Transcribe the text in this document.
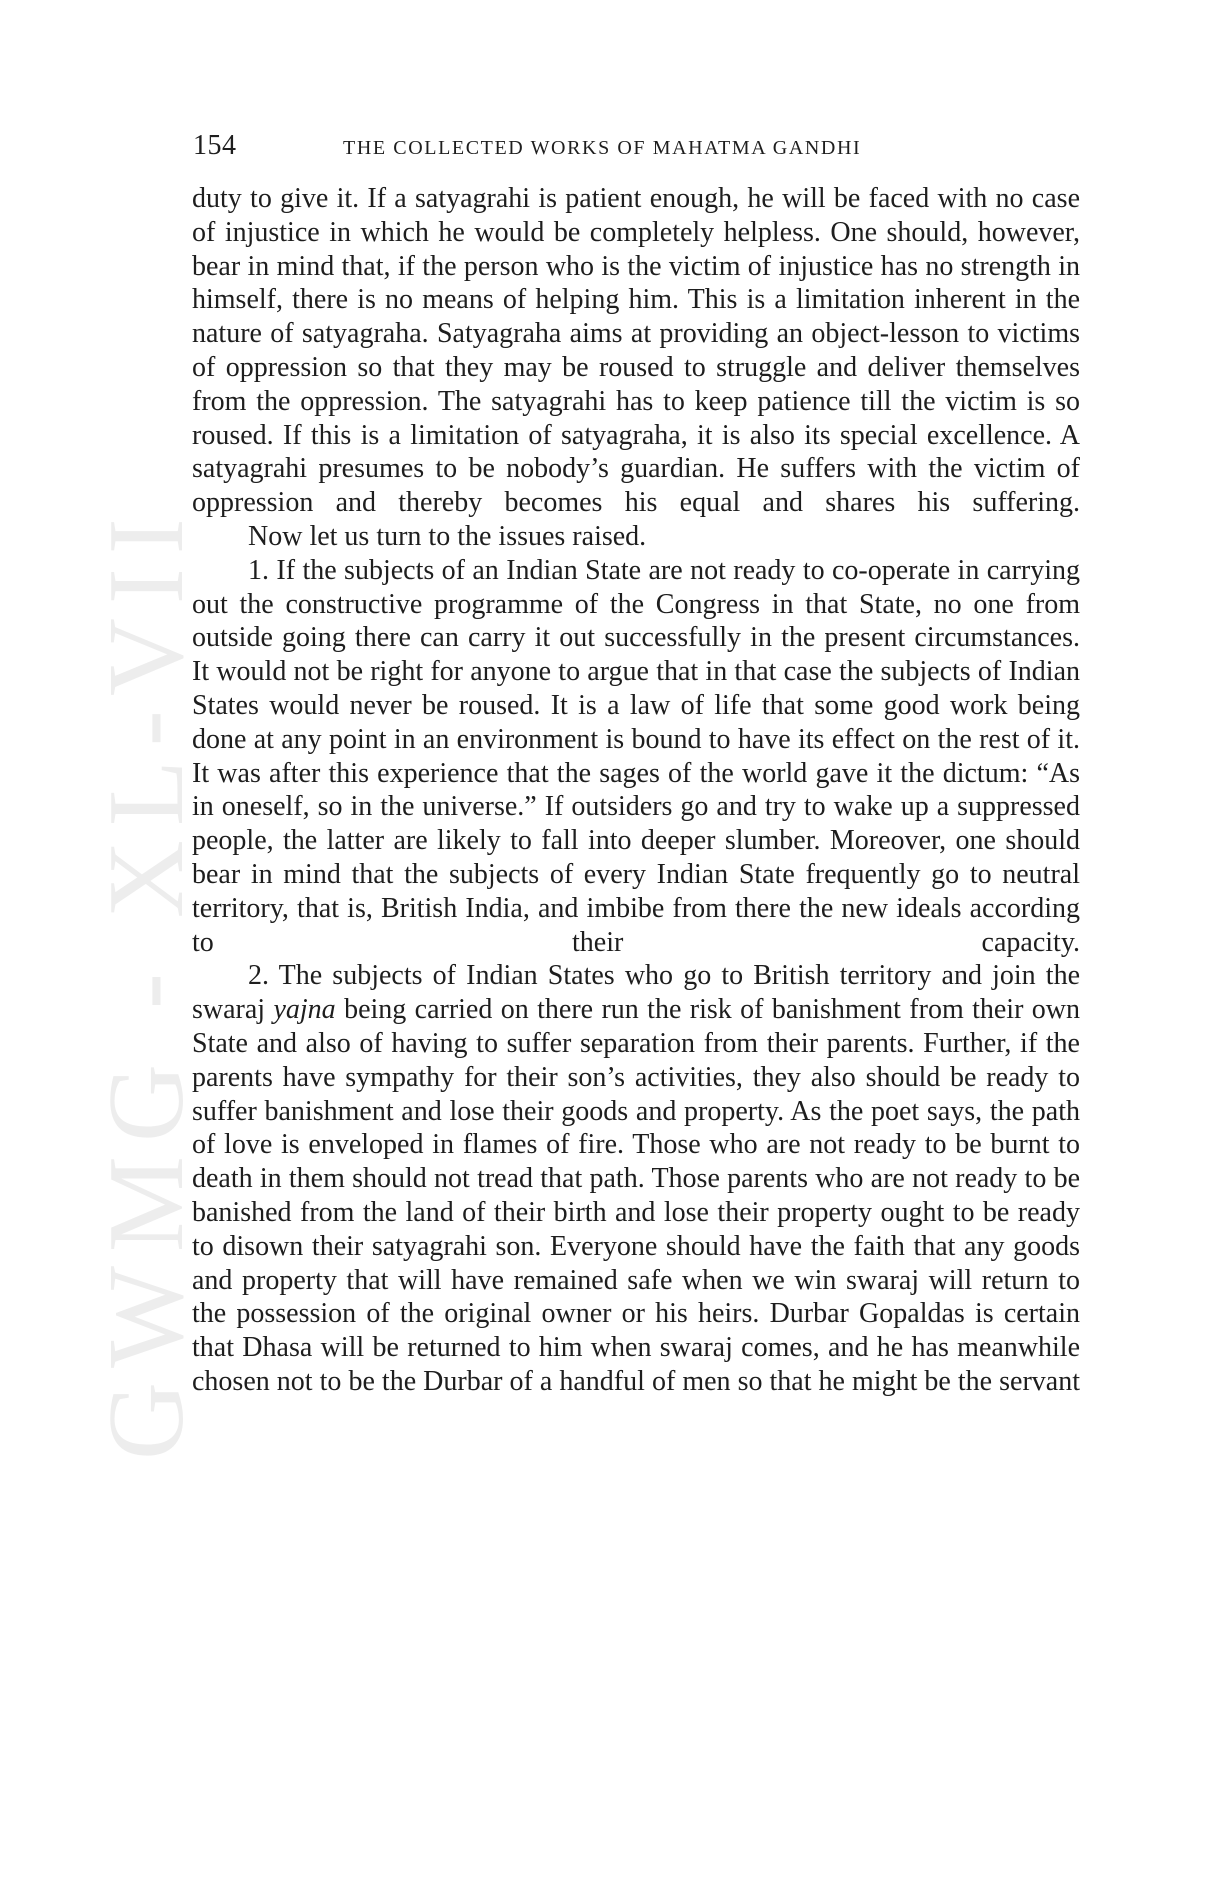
GWMG - XL-VII
154	THE COLLECTED WORKS OF MAHATMA GANDHI

duty to give it. If a satyagrahi is patient enough, he will be faced with no case of injustice in which he would be completely helpless. One should, however, bear in mind that, if the person who is the victim of injustice has no strength in himself, there is no means of helping him. This is a limitation inherent in the nature of satyagraha. Satyagraha aims at providing an object-lesson to victims of oppression so that they may be roused to struggle and deliver themselves from the oppression. The satyagrahi has to keep patience till the victim is so roused. If this is a limitation of satyagraha, it is also its special excellence. A satyagrahi presumes to be nobody’s guardian. He suffers with the victim of oppression and thereby becomes his equal and shares his suffering.

Now let us turn to the issues raised.

1. If the subjects of an Indian State are not ready to co-operate in carrying out the constructive programme of the Congress in that State, no one from outside going there can carry it out successfully in the present circumstances. It would not be right for anyone to argue that in that case the subjects of Indian States would never be roused. It is a law of life that some good work being done at any point in an environment is bound to have its effect on the rest of it. It was after this experience that the sages of the world gave it the dictum: “As in oneself, so in the universe.” If outsiders go and try to wake up a suppressed people, the latter are likely to fall into deeper slumber. Moreover, one should bear in mind that the subjects of every Indian State frequently go to neutral territory, that is, British India, and imbibe from there the new ideals according to their capacity.

2. The subjects of Indian States who go to British territory and join the swaraj yajna being carried on there run the risk of banishment from their own State and also of having to suffer separation from their parents. Further, if the parents have sympathy for their son’s activities, they also should be ready to suffer banishment and lose their goods and property. As the poet says, the path of love is enveloped in flames of fire. Those who are not ready to be burnt to death in them should not tread that path. Those parents who are not ready to be banished from the land of their birth and lose their property ought to be ready to disown their satyagrahi son. Everyone should have the faith that any goods and property that will have remained safe when we win swaraj will return to the possession of the original owner or his heirs. Durbar Gopaldas is certain that Dhasa will be returned to him when swaraj comes, and he has meanwhile chosen not to be the Durbar of a handful of men so that he might be the servant
